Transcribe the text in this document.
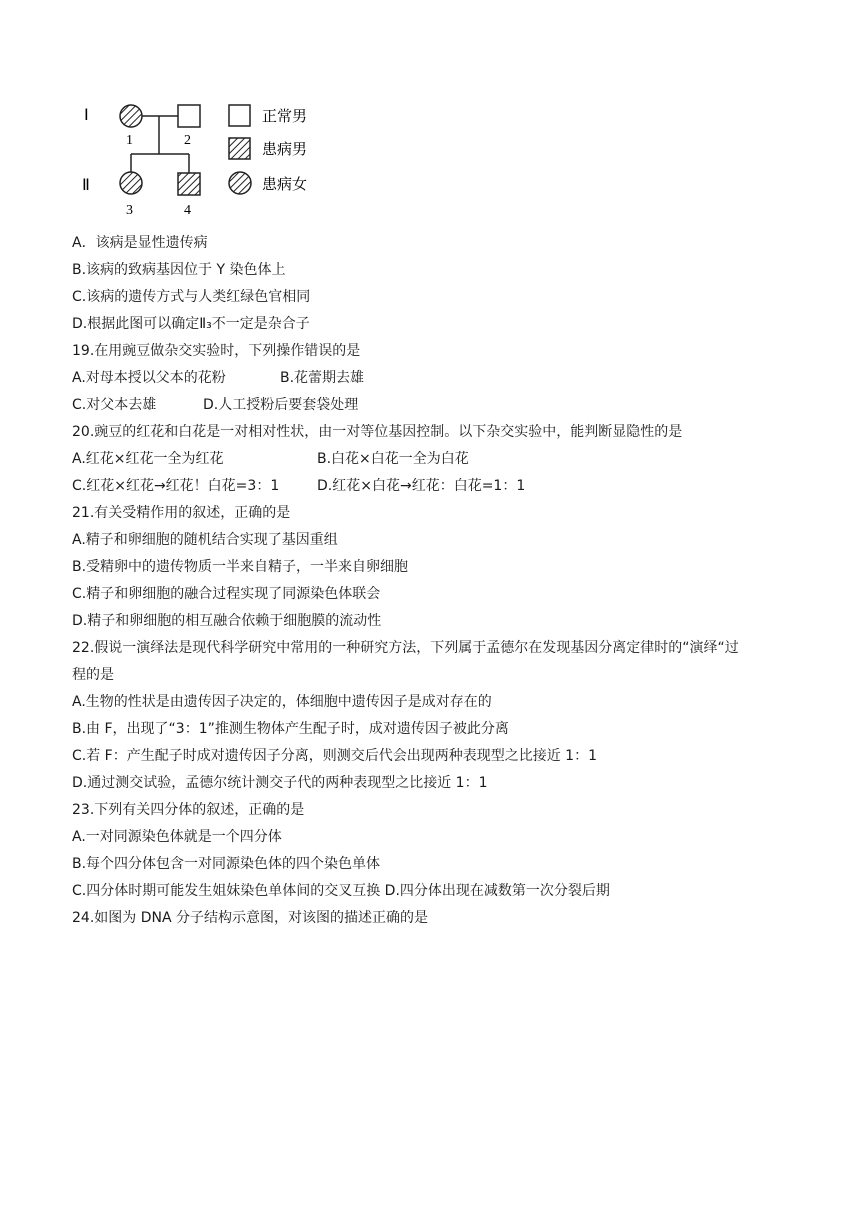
Ⅰ
Ⅱ
1	2
3	4
正常男
患病男
患病女
A．该病是显性遗传病
B.该病的致病基因位于 Y 染色体上
C.该病的遗传方式与人类红绿色官相同
D.根据此图可以确定Ⅱ₃不一定是杂合子
19.在用豌豆做杂交实验时，下列操作错误的是
A.对母本授以父本的花粉	B.花蕾期去雄
C.对父本去雄	D.人工授粉后要套袋处理
20.豌豆的红花和白花是一对相对性状，由一对等位基因控制。以下杂交实验中，能判断显隐性的是
A.红花×红花一全为红花	B.白花×白花一全为白花
C.红花×红花→红花！白花=3：1	D.红花×白花→红花：白花=1：1
21.有关受精作用的叙述，正确的是
A.精子和卵细胞的随机结合实现了基因重组
B.受精卵中的遗传物质一半来自精子，一半来自卵细胞
C.精子和卵细胞的融合过程实现了同源染色体联会
D.精子和卵细胞的相互融合依赖于细胞膜的流动性
22.假说一演绎法是现代科学研究中常用的一种研究方法，下列属于孟德尔在发现基因分离定律时的“演绎“过
程的是
A.生物的性状是由遗传因子决定的，体细胞中遗传因子是成对存在的
B.由 F，出现了“3：1”推测生物体产生配子时，成对遗传因子被此分离
C.若 F：产生配子时成对遗传因子分离，则测交后代会出现两种表现型之比接近 1：1
D.通过测交试验，孟德尔统计测交子代的两种表现型之比接近 1：1
23.下列有关四分体的叙述，正确的是
A.一对同源染色体就是一个四分体
B.每个四分体包含一对同源染色体的四个染色单体
C.四分体时期可能发生姐妹染色单体间的交叉互换 D.四分体出现在减数第一次分裂后期
24.如图为 DNA 分子结构示意图，对该图的描述正确的是
